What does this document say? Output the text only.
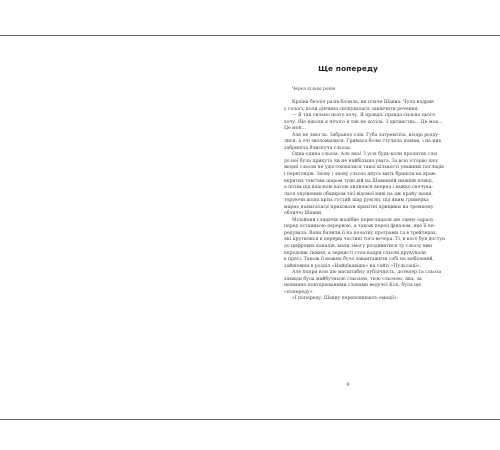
Ще попереду
Через кілька років
Країна безліч разів бачила, як плаче Шавна. Чула надрив
у голосі, коли дівчина силкувалася закінчити речення.
— Я так сильно цього хочу. Я правда, правда сильно цього
хочу. Ще ніколи я нічого я так не хотіла. З дитинства... Це моя...
Це моя...
Але не змогла. Забракло слів. Губа затремтіла, ніздрі розду-
лися, а очі зволожилися. Гримаса болю стулила повіки, і на них
забриніла блискуча сльоза.
Одна-єдина сльоза. Але яка! З усіх будь-коли пролитих сліз
до неї була прикута чи не найбільша увага. За всю історію шоу
жодні сльози не удостоювалися такої кількості уважних поглядів
і переглядів. Знову і знову сльоза якусь мить бриніла на краю
вкритих товстим шаром туші вій на Шавниній нижній повіці,
а потім під власною вагою хилилася вперед і важко скочува-
лася опушеним обширом тієї відомої ниві на аж крайу щоки,
торуючи шлях крізь густий шар рум'ян, під яким гримерка
марно намагалася приховати крихітні прищики на тремкому
обличчі Шавни.
Мільйони глядачів жадібно переглядали цю сцену одразу
перед останньою перервою, а також перед фіналом, яке її пе-
редувала. Вони бачили її на початку програми та в трейлерах,
які крутилися в перерві частині того вечора. Ті, в кого був доступ
до цифрових каналів, мали змогу роздивитися ту сльозу ввю
впродовж тижня, а зернисті стоп-кадри сльози друкували
в пресі. Також її можна було завантажити собі на мобільний,
зайшовши в розділ «Найцікавіше» на сайті «Пульсації».
Але попри всю цю масштабну публічність, дотепер та сльоза
завжди була майбутньою сльозою, тією сльозою, яка, за
незмінно повторюваними словами ведучої Кілі, була ще
«попереду».
«І попереду: Шавну переповнюють емоції».
9
